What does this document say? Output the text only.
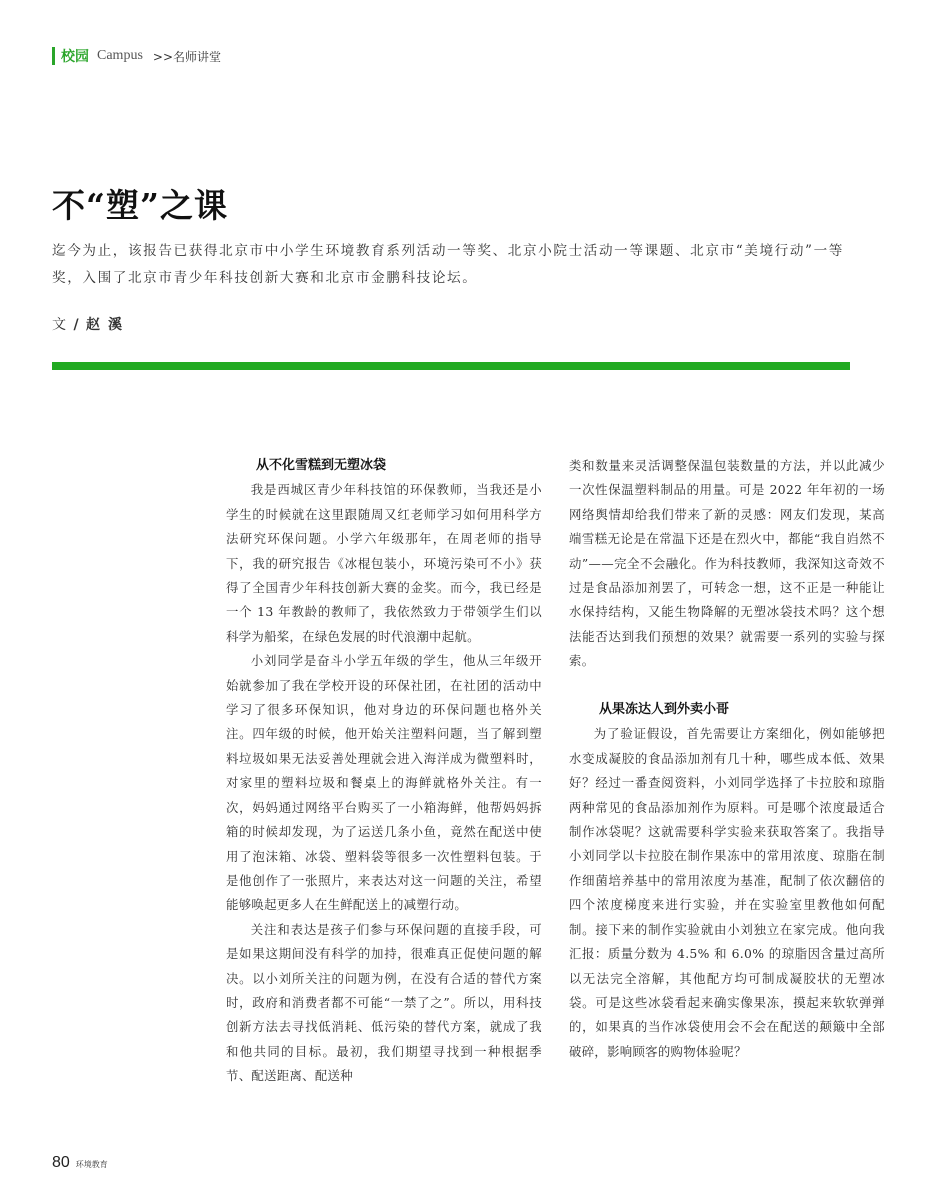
校园 Campus >>名师讲堂
不“塑”之课

迄今为止，该报告已获得北京市中小学生环境教育系列活动一等奖、北京小院士活动一等课题、北京市“美境行动”一等奖，入围了北京市青少年科技创新大赛和北京市金鹏科技论坛。

文 / 赵溪
从不化雪糕到无塑冰袋

我是西城区青少年科技馆的环保教师，当我还是小学生的时候就在这里跟随周又红老师学习如何用科学方法研究环保问题。小学六年级那年，在周老师的指导下，我的研究报告《冰棍包装小，环境污染可不小》获得了全国青少年科技创新大赛的金奖。而今，我已经是一个 13 年教龄的教师了，我依然致力于带领学生们以科学为船桨，在绿色发展的时代浪潮中起航。

小刘同学是奋斗小学五年级的学生，他从三年级开始就参加了我在学校开设的环保社团，在社团的活动中学习了很多环保知识，他对身边的环保问题也格外关注。四年级的时候，他开始关注塑料问题，当了解到塑料垃圾如果无法妥善处理就会进入海洋成为微塑料时，对家里的塑料垃圾和餐桌上的海鲜就格外关注。有一次，妈妈通过网络平台购买了一小箱海鲜，他帮妈妈拆箱的时候却发现，为了运送几条小鱼，竟然在配送中使用了泡沫箱、冰袋、塑料袋等很多一次性塑料包装。于是他创作了一张照片，来表达对这一问题的关注，希望能够唤起更多人在生鲜配送上的减塑行动。

关注和表达是孩子们参与环保问题的直接手段，可是如果这期间没有科学的加持，很难真正促使问题的解决。以小刘所关注的问题为例，在没有合适的替代方案时，政府和消费者都不可能“一禁了之”。所以，用科技创新方法去寻找低消耗、低污染的替代方案，就成了我和他共同的目标。最初，我们期望寻找到一种根据季节、配送距离、配送种

类和数量来灵活调整保温包装数量的方法，并以此减少一次性保温塑料制品的用量。可是 2022 年年初的一场网络舆情却给我们带来了新的灵感：网友们发现，某高端雪糕无论是在常温下还是在烈火中，都能“我自岿然不动”——完全不会融化。作为科技教师，我深知这奇效不过是食品添加剂罢了，可转念一想，这不正是一种能让水保持结构，又能生物降解的无塑冰袋技术吗？这个想法能否达到我们预想的效果？就需要一系列的实验与探索。

从果冻达人到外卖小哥

为了验证假设，首先需要让方案细化，例如能够把水变成凝胶的食品添加剂有几十种，哪些成本低、效果好？经过一番查阅资料，小刘同学选择了卡拉胶和琼脂两种常见的食品添加剂作为原料。可是哪个浓度最适合制作冰袋呢？这就需要科学实验来获取答案了。我指导小刘同学以卡拉胶在制作果冻中的常用浓度、琼脂在制作细菌培养基中的常用浓度为基准，配制了依次翻倍的四个浓度梯度来进行实验，并在实验室里教他如何配制。接下来的制作实验就由小刘独立在家完成。他向我汇报：质量分数为 4.5% 和 6.0% 的琼脂因含量过高所以无法完全溶解，其他配方均可制成凝胶状的无塑冰袋。可是这些冰袋看起来确实像果冻，摸起来软软弹弹的，如果真的当作冰袋使用会不会在配送的颠簸中全部破碎，影响顾客的购物体验呢？

80 环境教育
